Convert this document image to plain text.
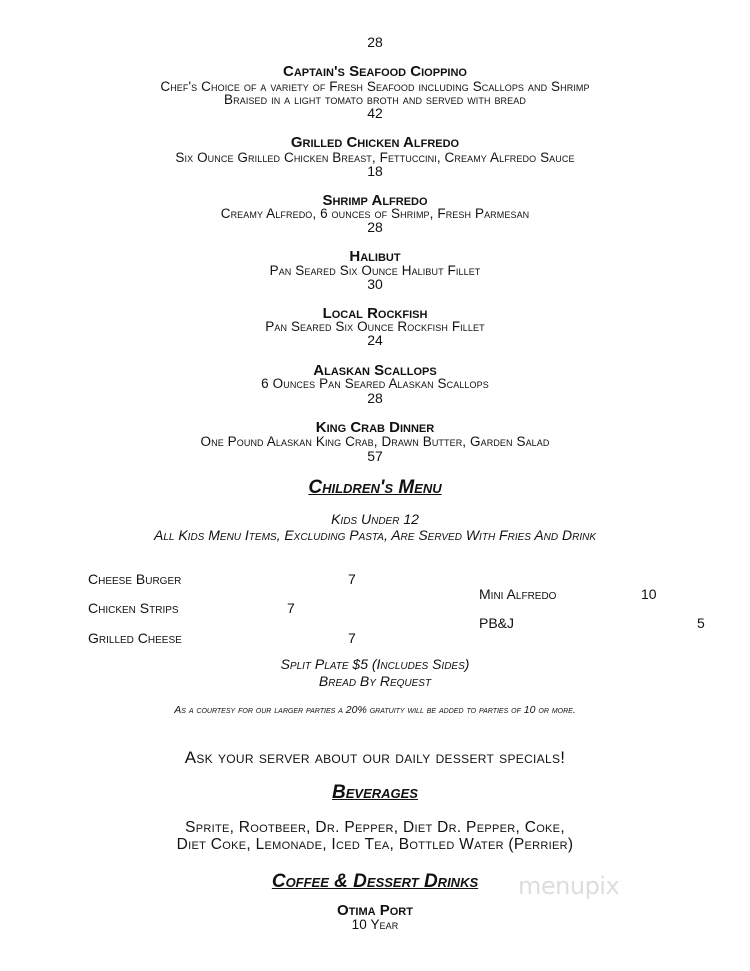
28
Captain's Seafood Cioppino
Chef's Choice of a variety of Fresh Seafood including Scallops and Shrimp
Braised in a light tomato broth and served with bread
42
Grilled Chicken Alfredo
Six Ounce Grilled Chicken Breast, Fettuccini, Creamy Alfredo Sauce
18
Shrimp Alfredo
Creamy Alfredo, 6 ounces of Shrimp, Fresh Parmesan
28
Halibut
Pan Seared Six Ounce Halibut Fillet
30
Local Rockfish
Pan Seared Six Ounce Rockfish Fillet
24
Alaskan Scallops
6 Ounces Pan Seared Alaskan Scallops
28
King Crab Dinner
One Pound Alaskan King Crab, Drawn Butter, Garden Salad
57
Children's Menu
Kids Under 12
All Kids Menu Items, Excluding Pasta, Are Served With Fries And Drink
Cheese Burger	7
Chicken Strips	7
Grilled Cheese	7
Mini Alfredo	10
PB&J	5
Split Plate $5 (Includes Sides)
Bread By Request
As a courtesy for our larger parties a 20% gratuity will be added to parties of 10 or more.
Ask your server about our daily dessert specials!
Beverages
Sprite, Rootbeer, Dr. Pepper, Diet Dr. Pepper, Coke,
Diet Coke, Lemonade, Iced Tea, Bottled Water (Perrier)
Coffee & Dessert Drinks
Otima Port
10 Year
menupix
